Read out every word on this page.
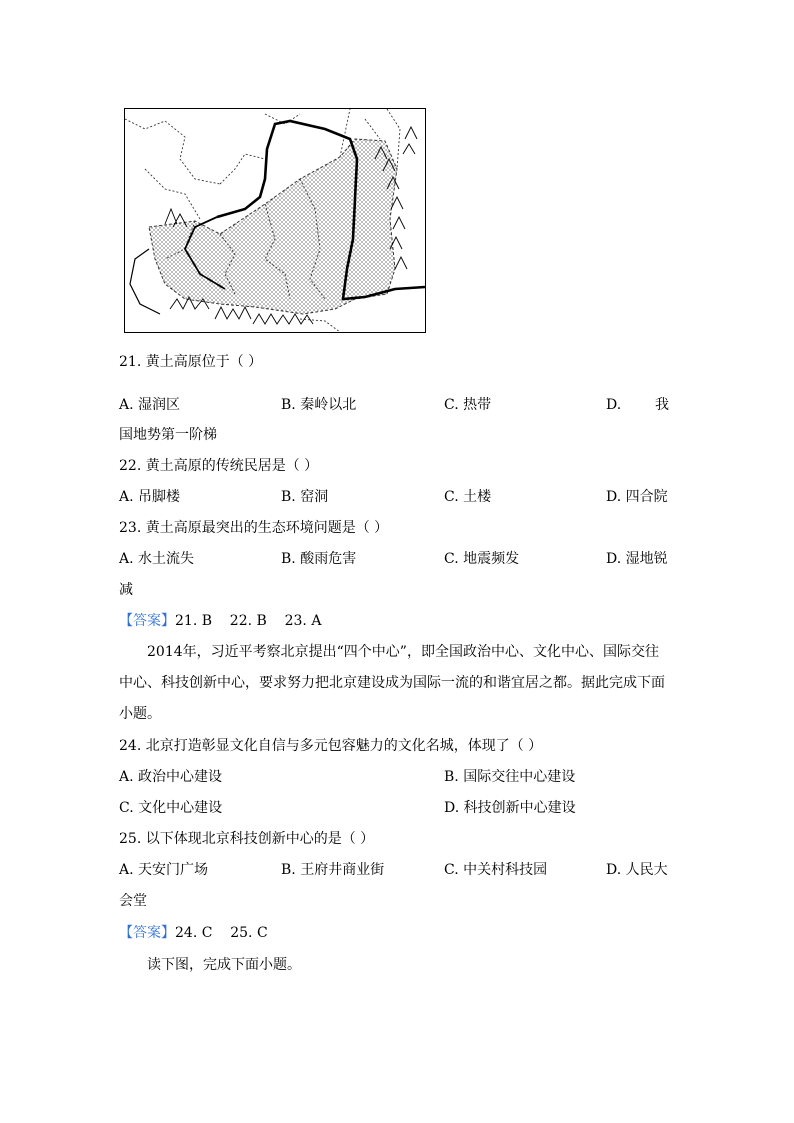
21. 黄土高原位于（ ）
A. 湿润区	B. 秦岭以北	C. 热带	D. 我
国地势第一阶梯
22. 黄土高原的传统民居是（ ）
A. 吊脚楼	B. 窑洞	C. 土楼	D. 四合院
23. 黄土高原最突出的生态环境问题是（ ）
A. 水土流失	B. 酸雨危害	C. 地震频发	D. 湿地锐
减
【答案】21. B    22. B    23. A
2014年，习近平考察北京提出“四个中心”，即全国政治中心、文化中心、国际交往
中心、科技创新中心，要求努力把北京建设成为国际一流的和谐宜居之都。据此完成下面
小题。
24. 北京打造彰显文化自信与多元包容魅力的文化名城，体现了（ ）
A. 政治中心建设	B. 国际交往中心建设
C. 文化中心建设	D. 科技创新中心建设
25. 以下体现北京科技创新中心的是（ ）
A. 天安门广场	B. 王府井商业街	C. 中关村科技园	D. 人民大
会堂
【答案】24. C    25. C
读下图，完成下面小题。
